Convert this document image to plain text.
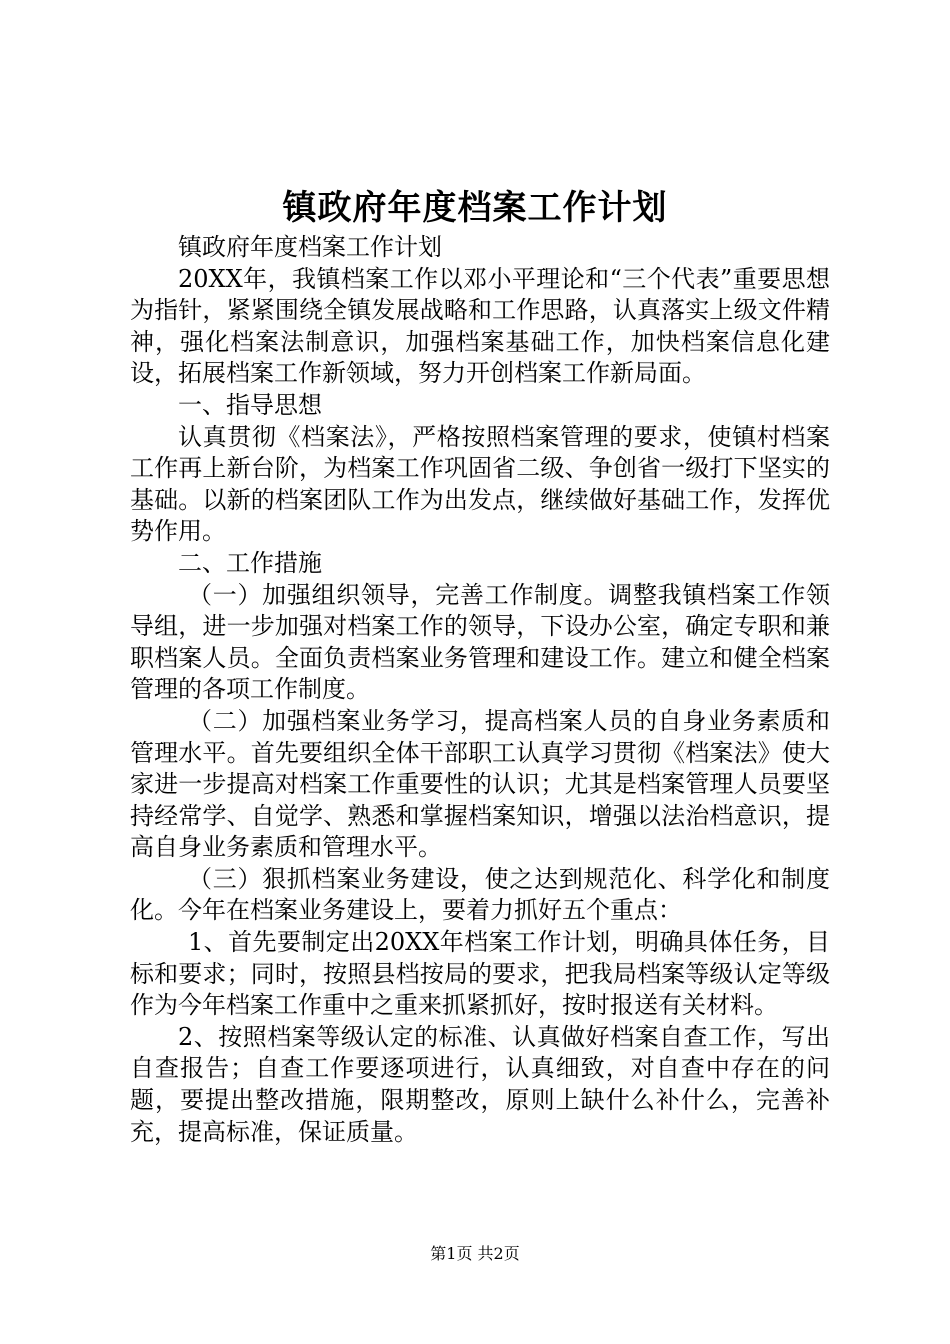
镇政府年度档案工作计划

镇政府年度档案工作计划

20XX年，我镇档案工作以邓小平理论和“三个代表”重要思想为指针，紧紧围绕全镇发展战略和工作思路，认真落实上级文件精神，强化档案法制意识，加强档案基础工作，加快档案信息化建设，拓展档案工作新领域，努力开创档案工作新局面。

一、指导思想

认真贯彻《档案法》，严格按照档案管理的要求，使镇村档案工作再上新台阶，为档案工作巩固省二级、争创省一级打下坚实的基础。以新的档案团队工作为出发点，继续做好基础工作，发挥优势作用。

二、工作措施

（一）加强组织领导，完善工作制度。调整我镇档案工作领导组，进一步加强对档案工作的领导，下设办公室，确定专职和兼职档案人员。全面负责档案业务管理和建设工作。建立和健全档案管理的各项工作制度。

（二）加强档案业务学习，提高档案人员的自身业务素质和管理水平。首先要组织全体干部职工认真学习贯彻《档案法》使大家进一步提高对档案工作重要性的认识；尤其是档案管理人员要坚持经常学、自觉学、熟悉和掌握档案知识，增强以法治档意识，提高自身业务素质和管理水平。

（三）狠抓档案业务建设，使之达到规范化、科学化和制度化。今年在档案业务建设上，要着力抓好五个重点：

1、首先要制定出20XX年档案工作计划，明确具体任务，目标和要求；同时，按照县档按局的要求，把我局档案等级认定等级作为今年档案工作重中之重来抓紧抓好，按时报送有关材料。

2、按照档案等级认定的标准、认真做好档案自查工作，写出自查报告；自查工作要逐项进行，认真细致，对自查中存在的问题，要提出整改措施，限期整改，原则上缺什么补什么，完善补充，提高标准，保证质量。

第1页 共2页
